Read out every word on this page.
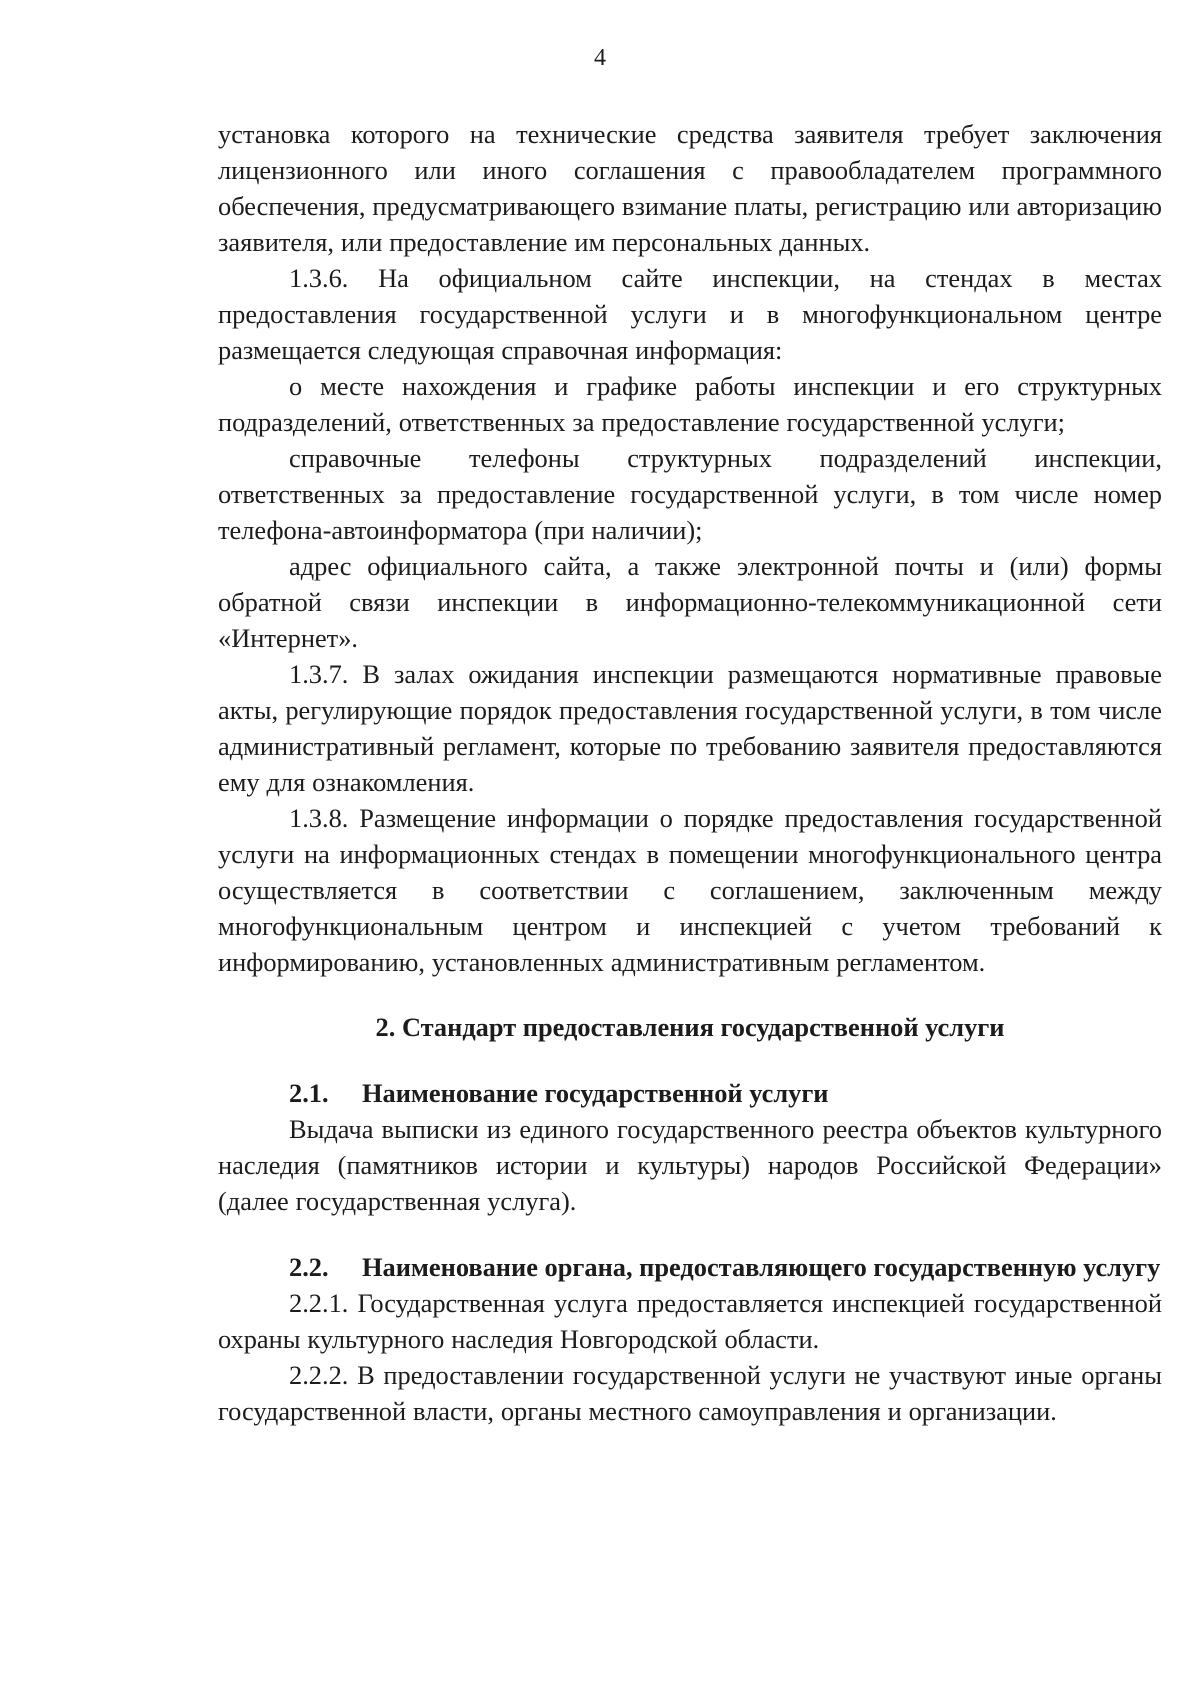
4

установка которого на технические средства заявителя требует заключения лицензионного или иного соглашения с правообладателем программного обеспечения, предусматривающего взимание платы, регистрацию или авторизацию заявителя, или предоставление им персональных данных.

1.3.6. На официальном сайте инспекции, на стендах в местах предоставления государственной услуги и в многофункциональном центре размещается следующая справочная информация:

о месте нахождения и графике работы инспекции и его структурных подразделений, ответственных за предоставление государственной услуги;

справочные телефоны структурных подразделений инспекции, ответственных за предоставление государственной услуги, в том числе номер телефона-автоинформатора (при наличии);

адрес официального сайта, а также электронной почты и (или) формы обратной связи инспекции в информационно-телекоммуникационной сети «Интернет».

1.3.7. В залах ожидания инспекции размещаются нормативные правовые акты, регулирующие порядок предоставления государственной услуги, в том числе административный регламент, которые по требованию заявителя предоставляются ему для ознакомления.

1.3.8. Размещение информации о порядке предоставления государственной услуги на информационных стендах в помещении многофункционального центра осуществляется в соответствии с соглашением, заключенным между многофункциональным центром и инспекцией с учетом требований к информированию, установленных административным регламентом.

2. Стандарт предоставления государственной услуги
2.1.	Наименование государственной услуги

Выдача выписки из единого государственного реестра объектов культурного наследия (памятников истории и культуры) народов Российской Федерации» (далее государственная услуга).

2.2.	Наименование органа, предоставляющего государственную услугу

2.2.1. Государственная услуга предоставляется инспекцией государственной охраны культурного наследия Новгородской области.

2.2.2. В предоставлении государственной услуги не участвуют иные органы государственной власти, органы местного самоуправления и организации.
